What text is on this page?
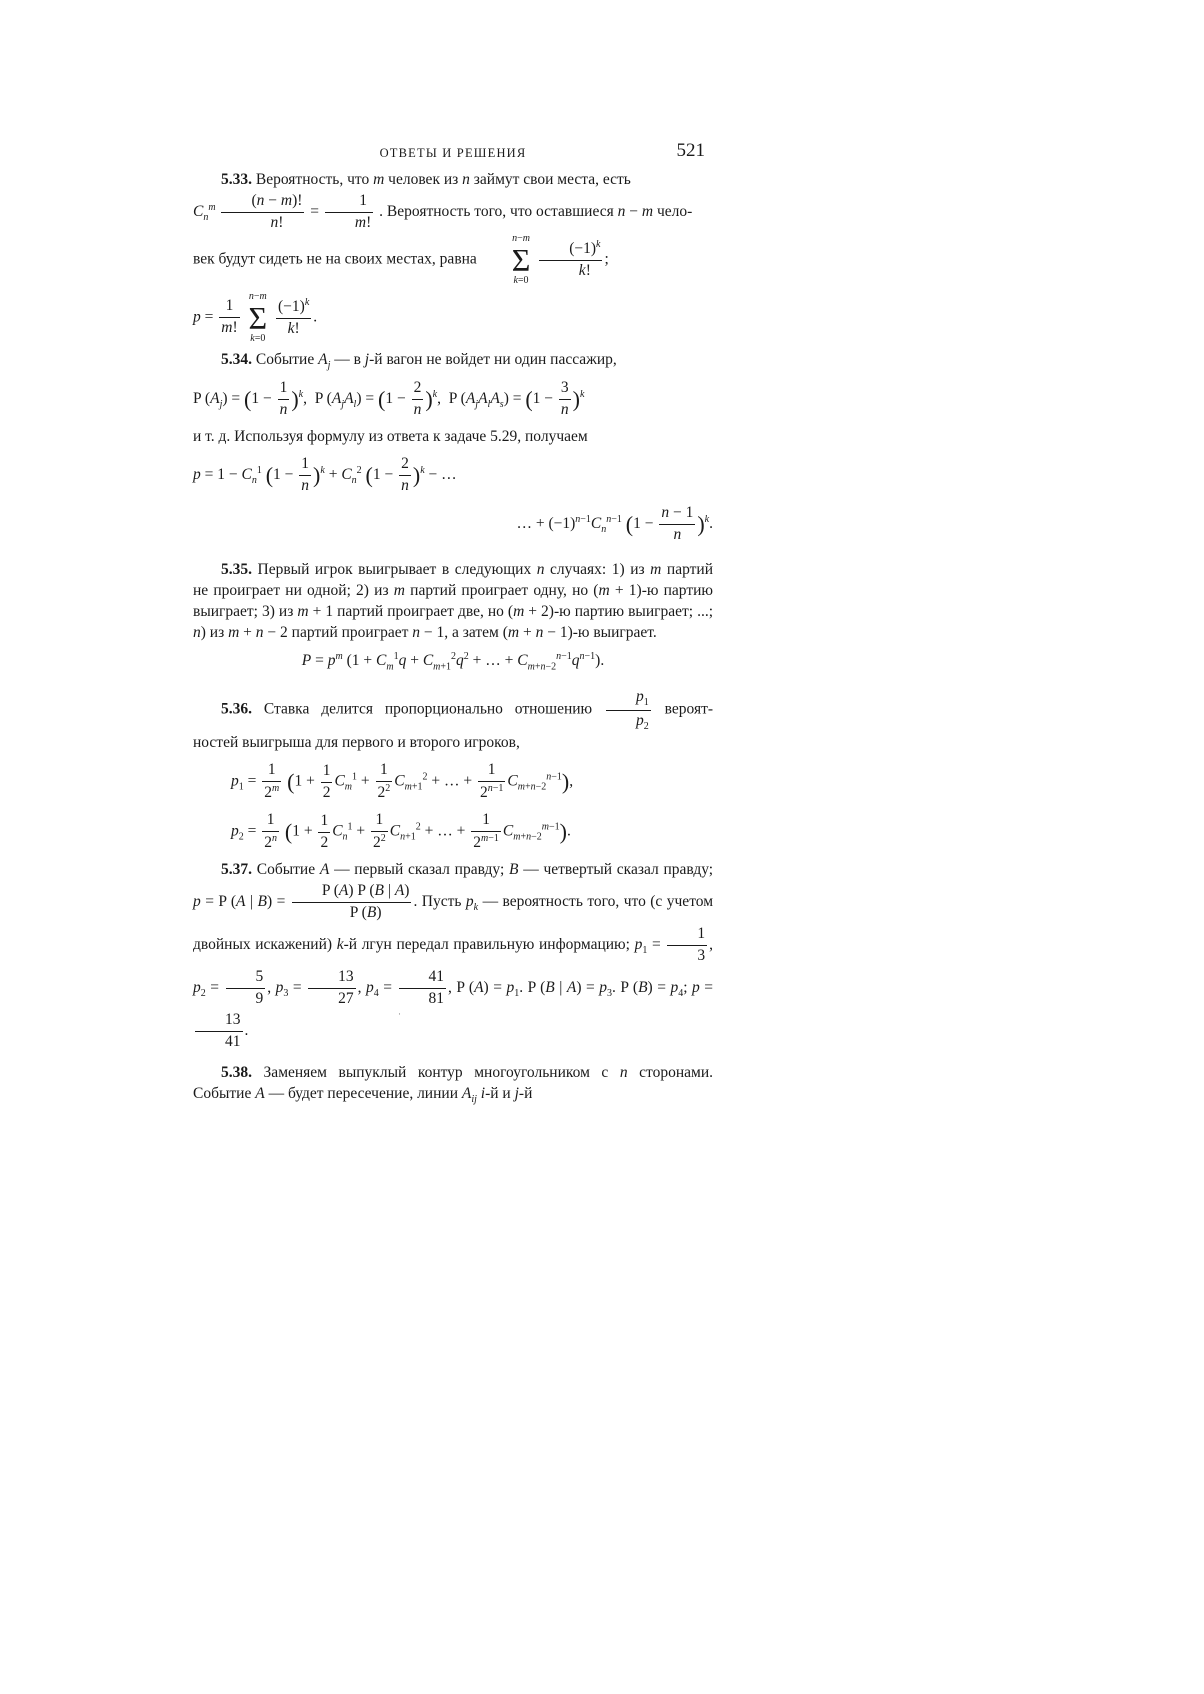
ОТВЕТЫ И РЕШЕНИЯ	521

5.33. Вероятность, что m человек из n займут свои места, есть
$C_n^m \frac{(n - m)!}{n!} = \frac{1}{m!}$ . Вероятность того, что оставшиеся n − m чело-
век будут сидеть не на своих местах, равна
n−m
Σ
k=0
$\frac{(-1)^k}{k!}$ ;

$p = \frac{1}{m!}$

n−m
Σ
k=0
$\frac{(-1)^k}{k!}$ .

5.34. Событие $A_j$ — в j-й вагон не войдет ни один пассажир,

P $(A_j) = (1 - \frac{1}{n} )^k$,  P $(A_jA_l) = (1 - \frac{2}{n} )^k$,  P $(A_jA_lA_s) = (1 - \frac{3}{n} )^k$

и т. д. Используя формулу из ответа к задаче 5.29, получаем

$p = 1 - C_n^1$ $(1 - \frac{1}{n} )^k + C_n^2$ $(1 - \frac{2}{n} )^k$ − …
… + $(-1)^{n-1}C_n^{n-1}$ $(1 - \frac{n - 1}{n} )^k$.

5.35. Первый игрок выигрывает в следующих n случаях: 1) из m партий не проиграет ни одной; 2) из m партий проиграет одну, но (m + 1)-ю партию выиграет; 3) из m + 1 партий проиграет две, но (m + 2)-ю партию выиграет; ...; n) из m + n − 2 партий проиграет n − 1, а затем (m + n − 1)-ю выиграет.

$P = p^m$ ($1 + C_m^1q + C_{m+1}^2q^2$ + … + $C_{m+n-2}^{n-1}q^{n-1}$).

5.36. Ставка делится пропорционально отношению $\frac{p_1}{p_2}$ вероят- ностей выигрыша для первого и второго игроков,

$p_1 = \frac{1}{2^m} (1 + \frac{1}{2} C_m^1 + \frac{1}{2^2} C_{m+1}^2$ + … + $\frac{1}{2^{n-1}} C_{m+n-2}^{n-1}$),
$p_2 = \frac{1}{2^n} (1 + \frac{1}{2} C_n^1 + \frac{1}{2^2} C_{n+1}^2$ + … + $\frac{1}{2^{m-1}} C_{m+n-2}^{m-1}$).

5.37. Событие A — первый сказал правду; B — четвертый сказал правду; p = P (A | $B) = \frac{P (A) P (B | A)}{P (B)}$ . Пусть $p_k$ — вероятность того, что (с учетом двойных искажений) k-й лгун передал правильную информацию; $p_1 = \frac{1}{3}$ , $p_2 = \frac{5}{9}$ , $p_3 = \frac{13}{27}$ , $p_4 = \frac{41}{81}$ , P $(A) = p_1$. P (B | $A) = p_3$. P $(B) = p_4$; p =
$\frac{13}{41}$ .

5.38. Заменяем выпуклый контур многоугольником с n сторонами. Событие A — будет пересечение, линии $A_{ij}$ i-й и j-й

·
